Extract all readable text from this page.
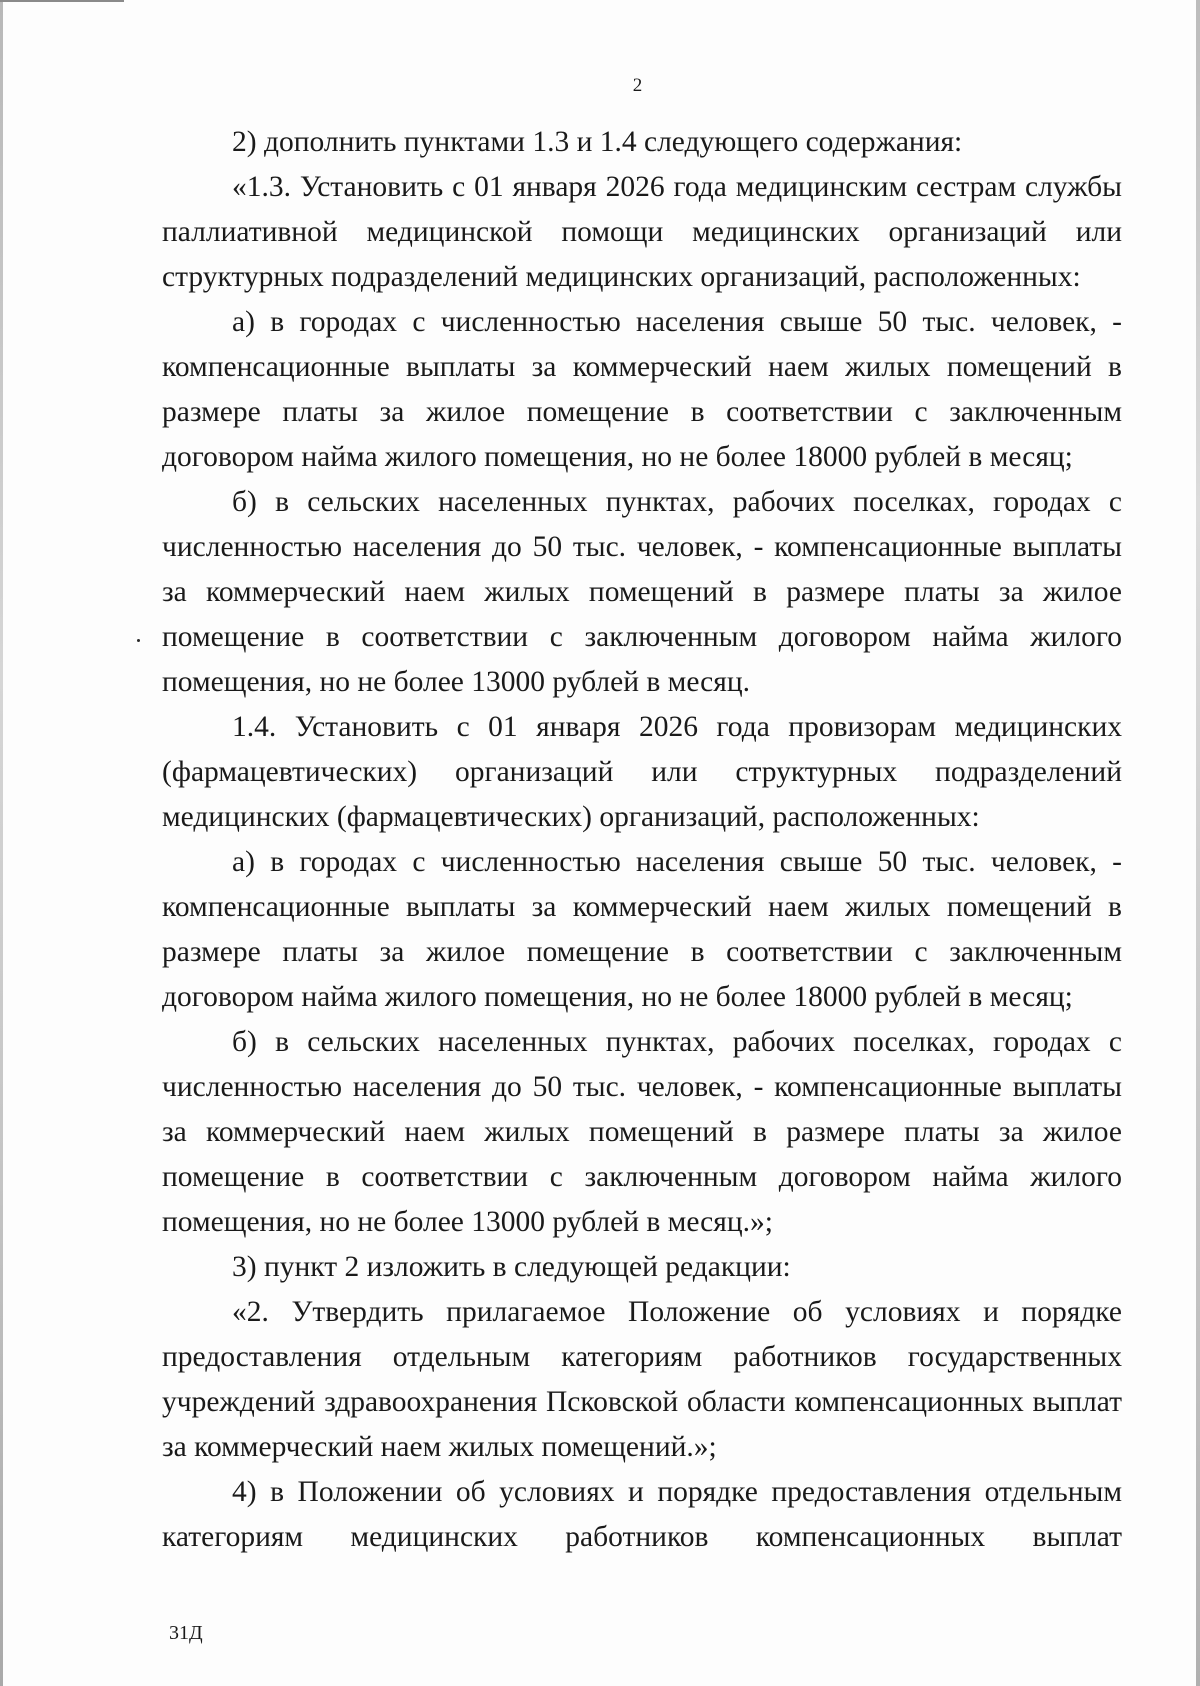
2

2) дополнить пунктами 1.3 и 1.4 следующего содержания:

«1.3. Установить с 01 января 2026 года медицинским сестрам службы паллиативной медицинской помощи медицинских организаций или структурных подразделений медицинских организаций, расположенных:

а) в городах с численностью населения свыше 50 тыс. человек, - компенсационные выплаты за коммерческий наем жилых помещений в размере платы за жилое помещение в соответствии с заключенным договором найма жилого помещения, но не более 18000 рублей в месяц;

б) в сельских населенных пунктах, рабочих поселках, городах с численностью населения до 50 тыс. человек, - компенсационные выплаты за коммерческий наем жилых помещений в размере платы за жилое помещение в соответствии с заключенным договором найма жилого помещения, но не более 13000 рублей в месяц.

1.4. Установить с 01 января 2026 года провизорам медицинских (фармацевтических) организаций или структурных подразделений медицинских (фармацевтических) организаций, расположенных:

а) в городах с численностью населения свыше 50 тыс. человек, - компенсационные выплаты за коммерческий наем жилых помещений в размере платы за жилое помещение в соответствии с заключенным договором найма жилого помещения, но не более 18000 рублей в месяц;

б) в сельских населенных пунктах, рабочих поселках, городах с численностью населения до 50 тыс. человек, - компенсационные выплаты за коммерческий наем жилых помещений в размере платы за жилое помещение в соответствии с заключенным договором найма жилого помещения, но не более 13000 рублей в месяц.»;

3) пункт 2 изложить в следующей редакции:

«2. Утвердить прилагаемое Положение об условиях и порядке предоставления отдельным категориям работников государственных учреждений здравоохранения Псковской области компенсационных выплат за коммерческий наем жилых помещений.»;

4) в Положении об условиях и порядке предоставления отдельным категориям медицинских работников компенсационных выплат

31Д
